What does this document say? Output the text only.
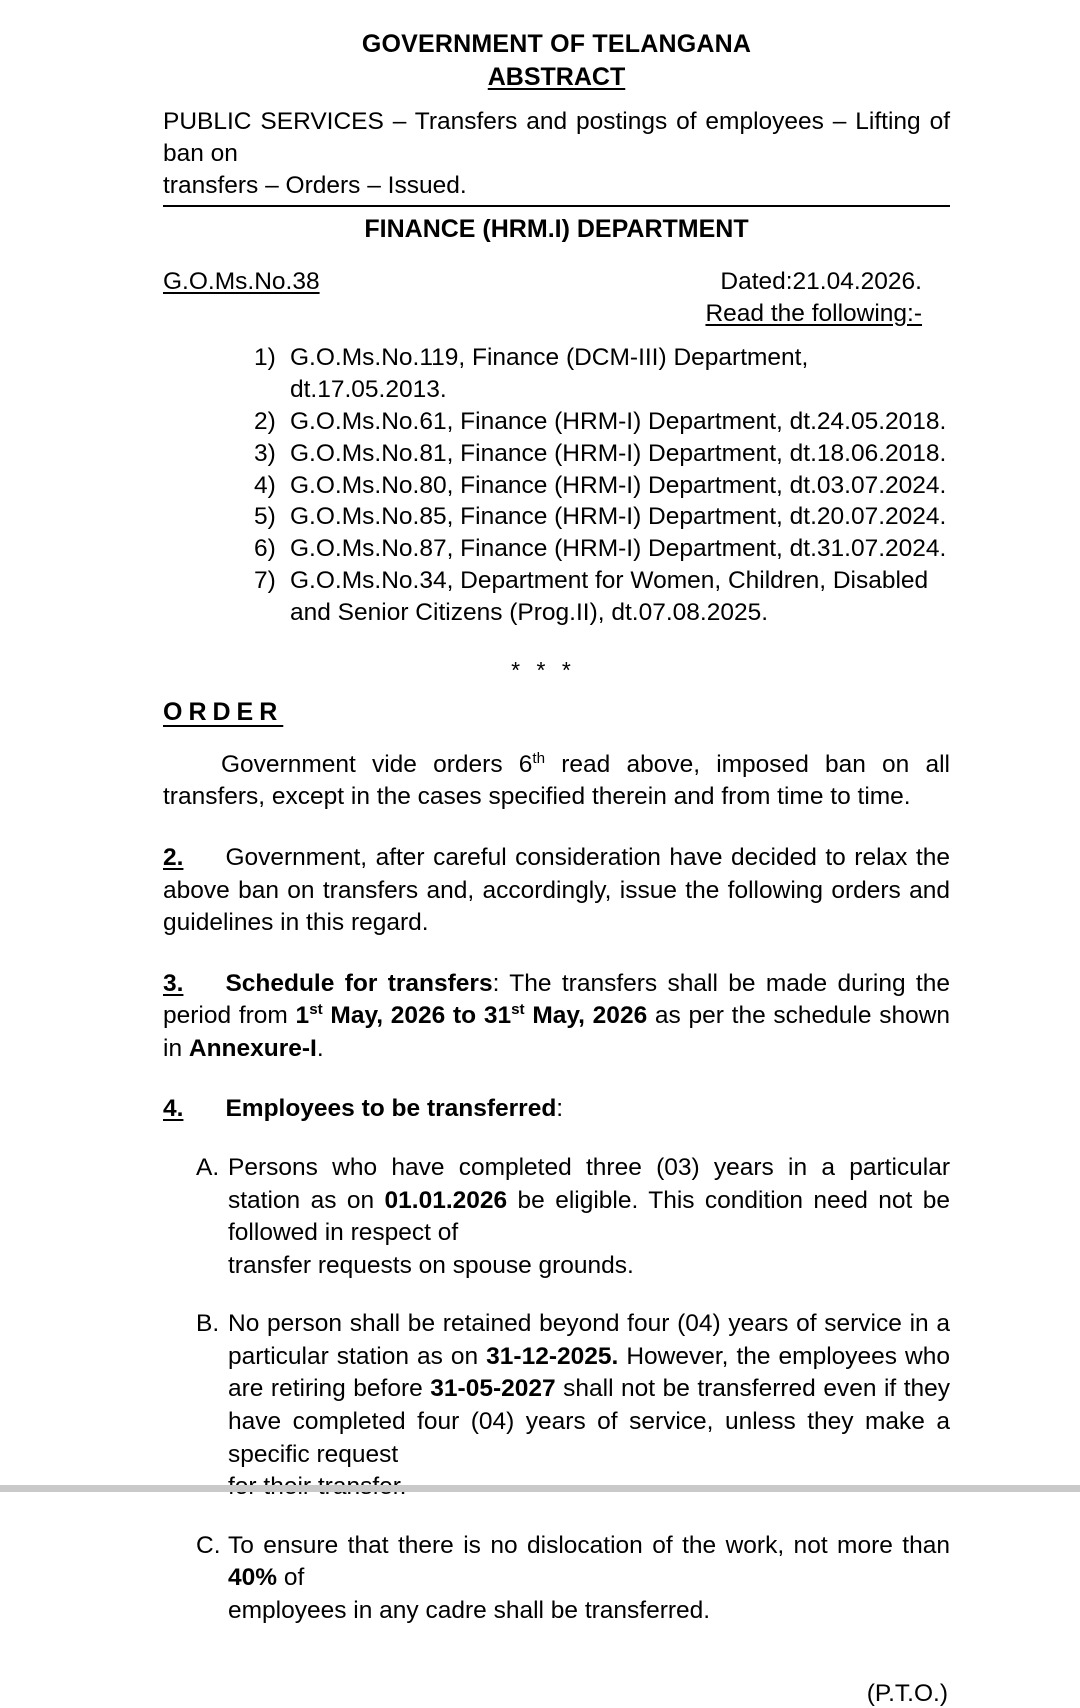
GOVERNMENT OF TELANGANA
ABSTRACT
PUBLIC SERVICES – Transfers and postings of employees – Lifting of ban on
transfers – Orders – Issued.
FINANCE (HRM.I) DEPARTMENT
G.O.Ms.No.38	Dated:21.04.2026.
Read the following:-
1) G.O.Ms.No.119, Finance (DCM-III) Department, dt.17.05.2013.
2) G.O.Ms.No.61, Finance (HRM-I) Department, dt.24.05.2018.
3) G.O.Ms.No.81, Finance (HRM-I) Department, dt.18.06.2018.
4) G.O.Ms.No.80, Finance (HRM-I) Department, dt.03.07.2024.
5) G.O.Ms.No.85, Finance (HRM-I) Department, dt.20.07.2024.
6) G.O.Ms.No.87, Finance (HRM-I) Department, dt.31.07.2024.
7) G.O.Ms.No.34, Department for Women, Children, Disabled and Senior Citizens (Prog.II), dt.07.08.2025.
* * *
ORDER

Government vide orders 6th read above, imposed ban on all transfers, except in the cases specified therein and from time to time.

2. Government, after careful consideration have decided to relax the above ban on transfers and, accordingly, issue the following orders and guidelines in this regard.

3. Schedule for transfers: The transfers shall be made during the period from 1st May, 2026 to 31st May, 2026 as per the schedule shown in Annexure-I.

4. Employees to be transferred:

A. Persons who have completed three (03) years in a particular station as on 01.01.2026 be eligible. This condition need not be followed in respect of
transfer requests on spouse grounds.
B. No person shall be retained beyond four (04) years of service in a particular station as on 31-12-2025. However, the employees who are retiring before 31-05-2027 shall not be transferred even if they have completed four (04) years of service, unless they make a specific request
C. To ensure that there is no dislocation of the work, not more than 40% of
employees in any cadre shall be transferred.
(P.T.O.)
